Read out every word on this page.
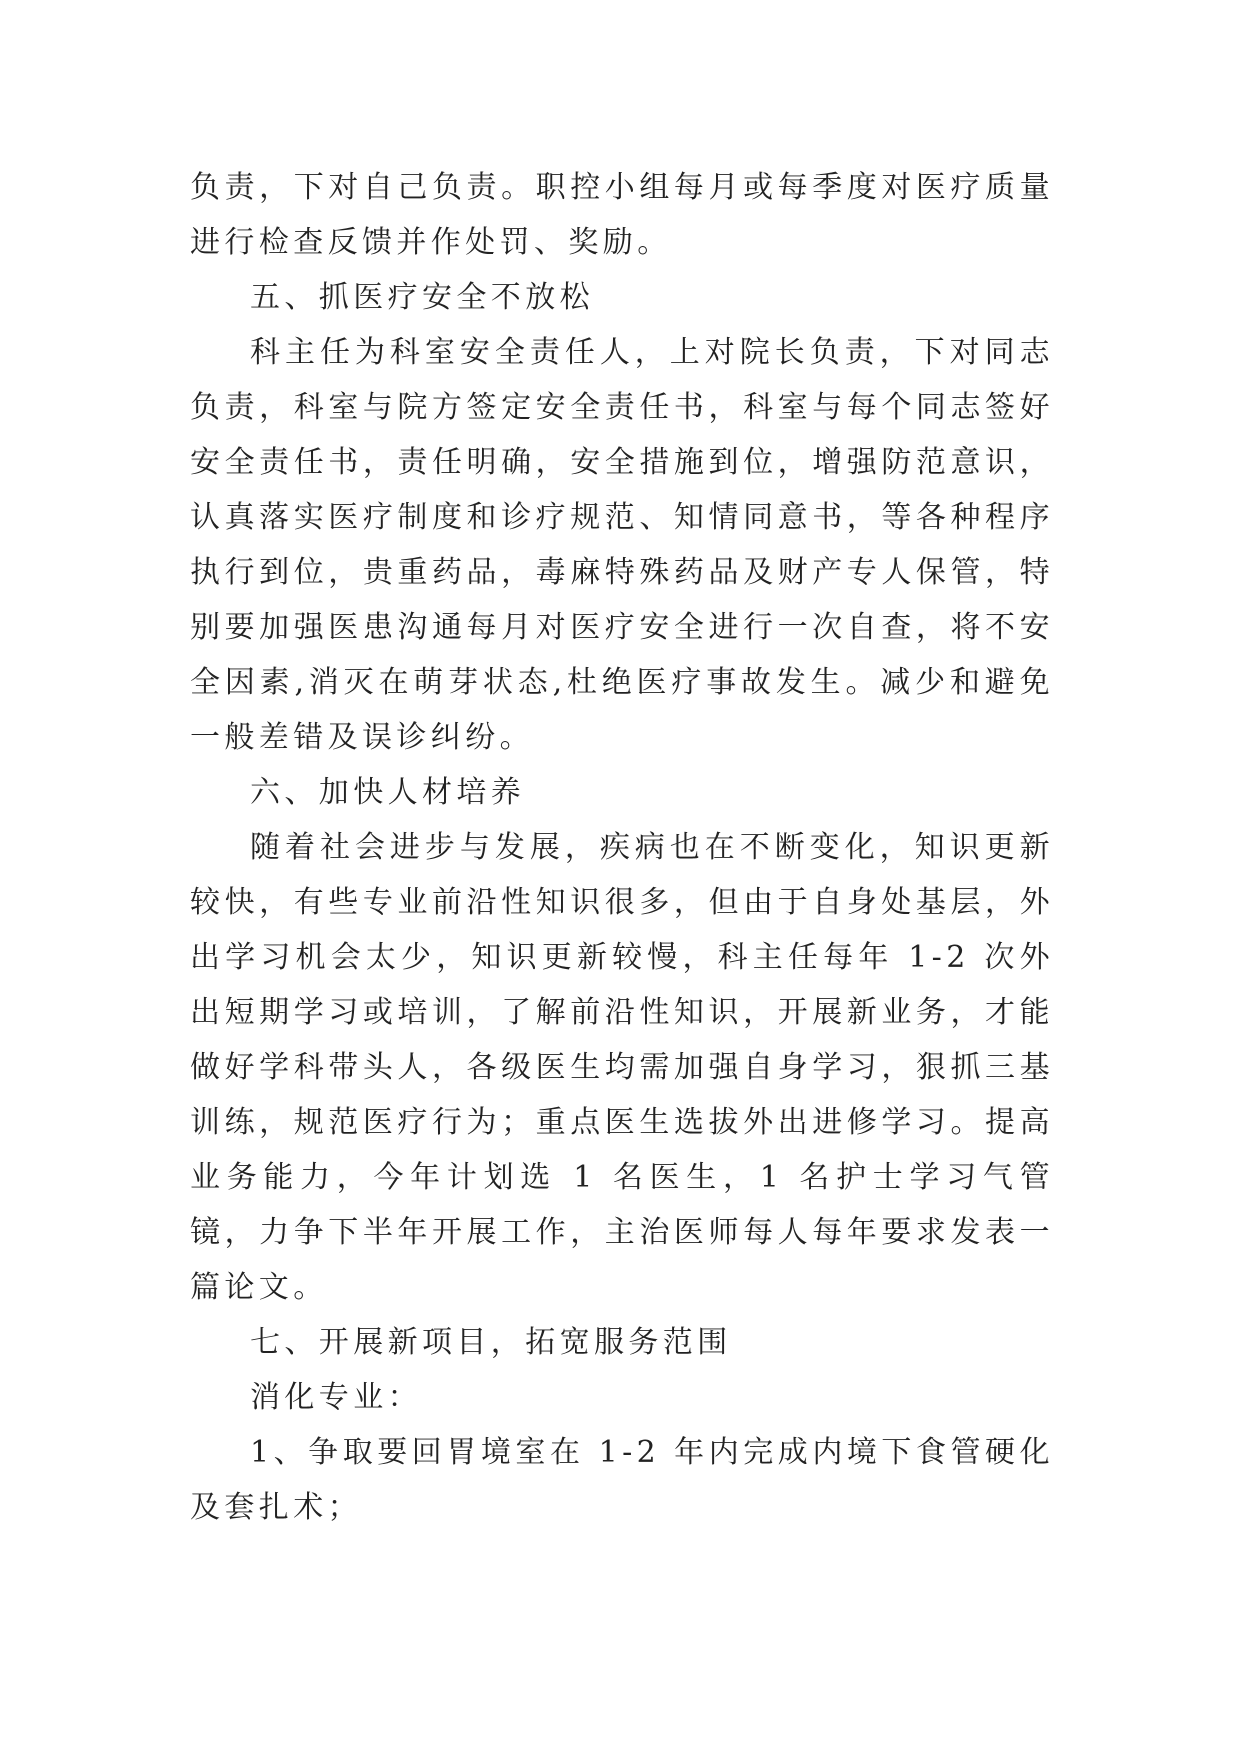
负责，下对自己负责。职控小组每月或每季度对医疗质量进行检查反馈并作处罚、奖励。

五、抓医疗安全不放松

科主任为科室安全责任人，上对院长负责，下对同志负责，科室与院方签定安全责任书，科室与每个同志签好安全责任书，责任明确，安全措施到位，增强防范意识，认真落实医疗制度和诊疗规范、知情同意书，等各种程序执行到位，贵重药品，毒麻特殊药品及财产专人保管，特别要加强医患沟通每月对医疗安全进行一次自查，将不安全因素,消灭在萌芽状态,杜绝医疗事故发生。减少和避免一般差错及误诊纠纷。

六、加快人材培养

随着社会进步与发展，疾病也在不断变化，知识更新较快，有些专业前沿性知识很多，但由于自身处基层，外出学习机会太少，知识更新较慢，科主任每年 1-2 次外出短期学习或培训，了解前沿性知识，开展新业务，才能做好学科带头人，各级医生均需加强自身学习，狠抓三基训练，规范医疗行为；重点医生选拔外出进修学习。提高业务能力，今年计划选 1 名医生，1 名护士学习气管镜，力争下半年开展工作，主治医师每人每年要求发表一篇论文。

七、开展新项目，拓宽服务范围

消化专业：

1、争取要回胃境室在 1-2 年内完成内境下食管硬化及套扎术；
